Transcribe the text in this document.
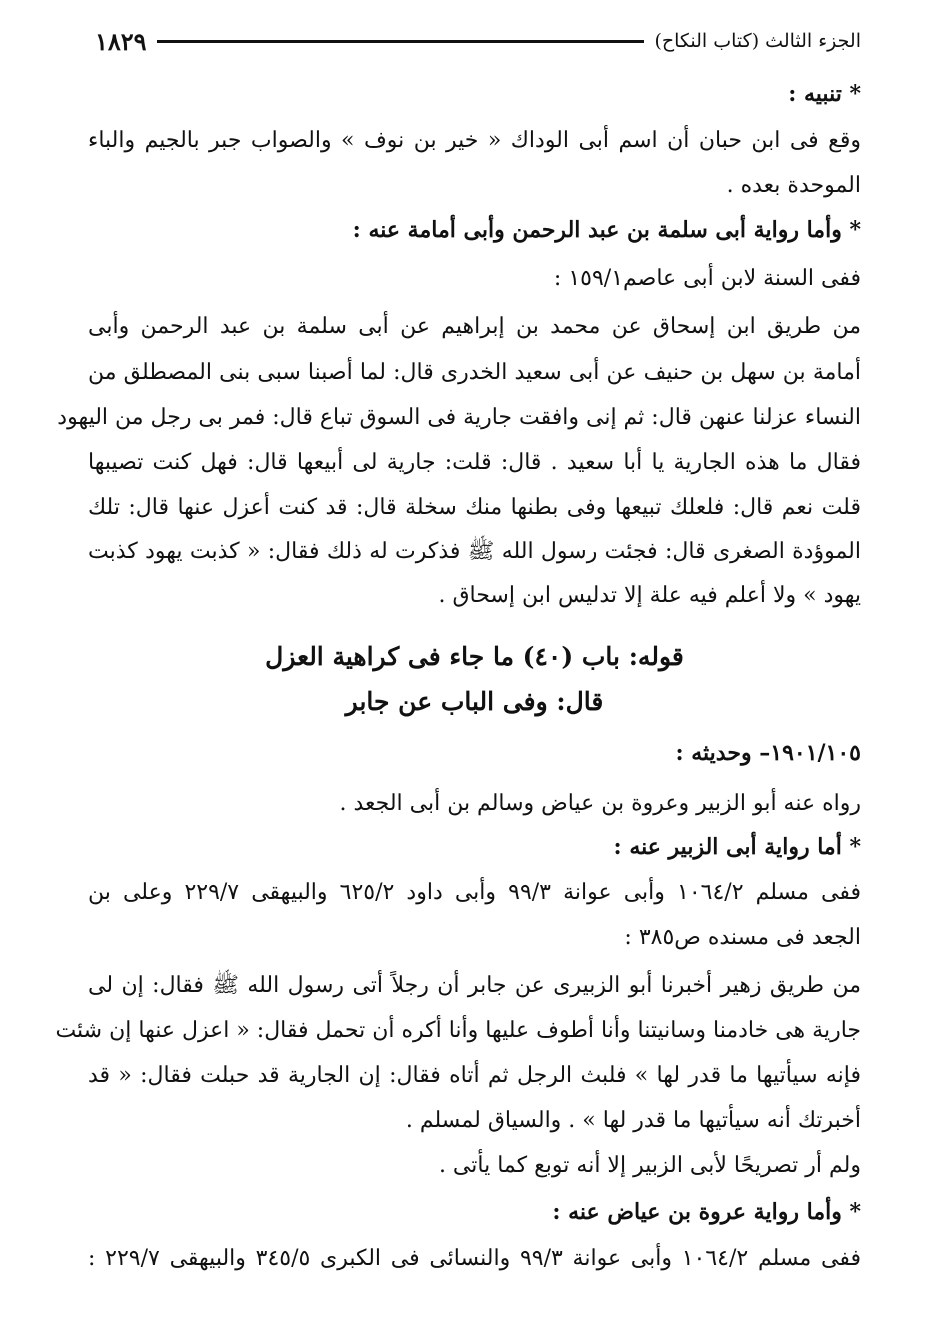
الجزء الثالث (كتاب النكاح)
١٨٢٩
* تنبيه :
وقع فى ابن حبان أن اسم أبى الوداك « خير بن نوف » والصواب جبر بالجيم والباء
الموحدة بعده .
* وأما رواية أبى سلمة بن عبد الرحمن وأبى أمامة عنه :
ففى السنة لابن أبى عاصم١٥٩/١ :
من طريق ابن إسحاق عن محمد بن إبراهيم عن أبى سلمة بن عبد الرحمن وأبى
أمامة بن سهل بن حنيف عن أبى سعيد الخدرى قال: لما أصبنا سبى بنى المصطلق من
النساء عزلنا عنهن قال: ثم إنى وافقت جارية فى السوق تباع قال: فمر بى رجل من اليهود
فقال ما هذه الجارية يا أبا سعيد . قال: قلت: جارية لى أبيعها قال: فهل كنت تصيبها
قلت نعم قال: فلعلك تبيعها وفى بطنها منك سخلة قال: قد كنت أعزل عنها قال: تلك
الموؤدة الصغرى قال: فجئت رسول الله ﷺ فذكرت له ذلك فقال: « كذبت يهود كذبت
يهود » ولا أعلم فيه علة إلا تدليس ابن إسحاق .
قوله: باب (٤٠) ما جاء فى كراهية العزل
قال: وفى الباب عن جابر
١٩٠١/١٠٥– وحديثه :
رواه عنه أبو الزبير وعروة بن عياض وسالم بن أبى الجعد .
* أما رواية أبى الزبير عنه :
ففى مسلم ١٠٦٤/٢ وأبى عوانة ٩٩/٣ وأبى داود ٦٢٥/٢ والبيهقى ٢٢٩/٧ وعلى بن
الجعد فى مسنده ص٣٨٥ :
من طريق زهير أخبرنا أبو الزبيرى عن جابر أن رجلاً أتى رسول الله ﷺ فقال: إن لى
جارية هى خادمنا وسانيتنا وأنا أطوف عليها وأنا أكره أن تحمل فقال: « اعزل عنها إن شئت
فإنه سيأتيها ما قدر لها » فلبث الرجل ثم أتاه فقال: إن الجارية قد حبلت فقال: « قد
أخبرتك أنه سيأتيها ما قدر لها » . والسياق لمسلم .
ولم أر تصريحًا لأبى الزبير إلا أنه توبع كما يأتى .
* وأما رواية عروة بن عياض عنه :
ففى مسلم ١٠٦٤/٢ وأبى عوانة ٩٩/٣ والنسائى فى الكبرى ٣٤٥/٥ والبيهقى ٢٢٩/٧ :
